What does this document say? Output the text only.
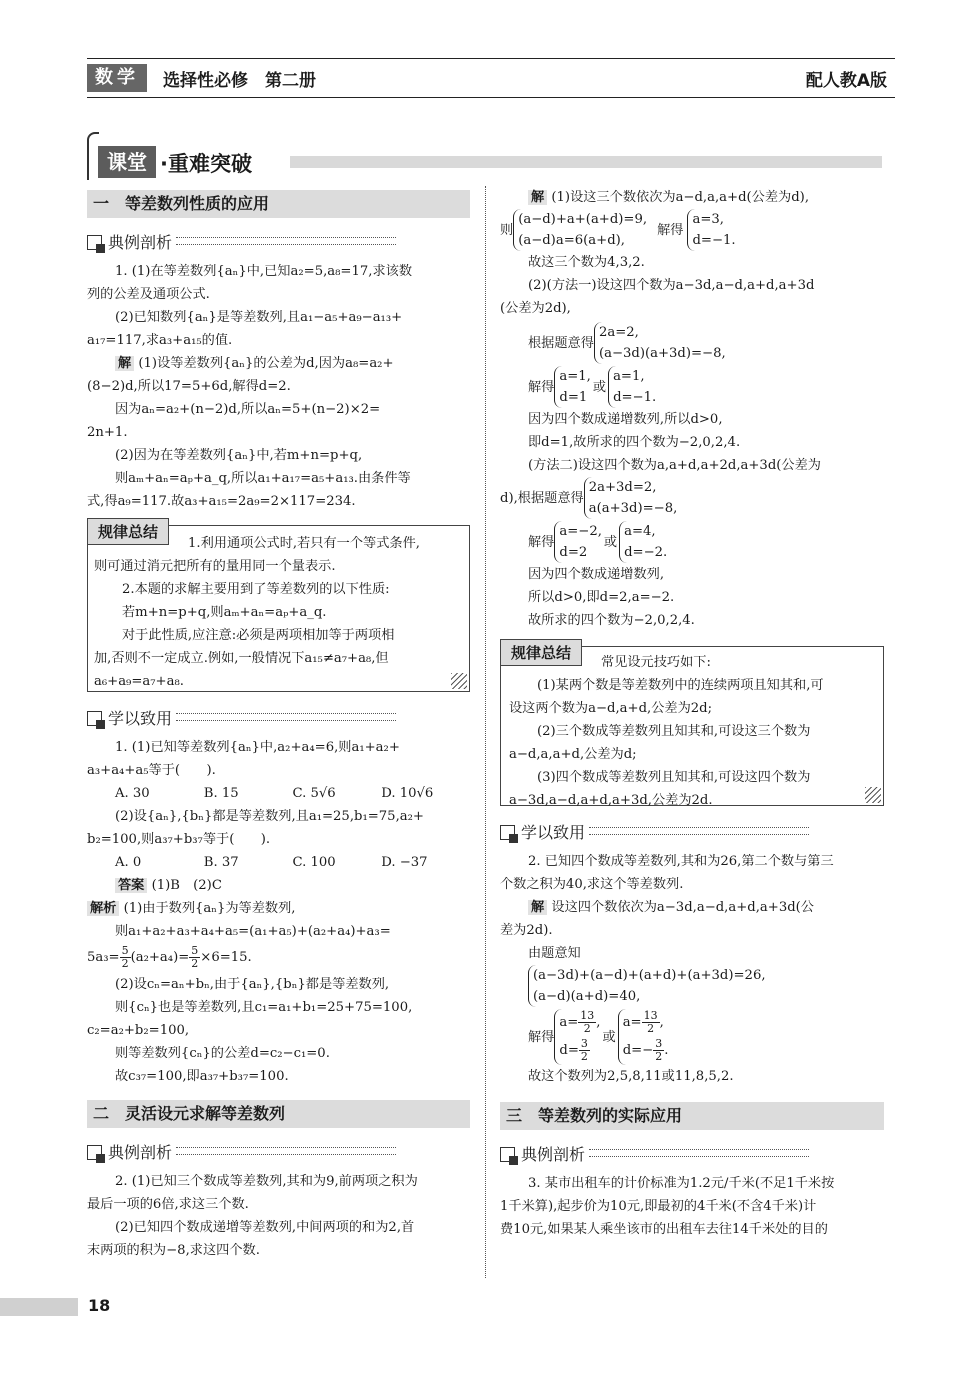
数学	选择性必修　第二册	配人教A版
课堂 ·重难突破
一　等差数列性质的应用
典例剖析
1. (1)在等差数列{aₙ}中,已知a₂=5,a₈=17,求该数
列的公差及通项公式.
(2)已知数列{aₙ}是等差数列,且a₁−a₅+a₉−a₁₃+
a₁₇=117,求a₃+a₁₅的值.
解 (1)设等差数列{aₙ}的公差为d,因为a₈=a₂+
(8−2)d,所以17=5+6d,解得d=2.
因为aₙ=a₂+(n−2)d,所以aₙ=5+(n−2)×2=
2n+1.
(2)因为在等差数列{aₙ}中,若m+n=p+q,
则aₘ+aₙ=aₚ+a_q,所以a₁+a₁₇=a₅+a₁₃.由条件等
式,得a₉=117.故a₃+a₁₅=2a₉=2×117=234.
规律总结
1.利用通项公式时,若只有一个等式条件,
则可通过消元把所有的量用同一个量表示.
2.本题的求解主要用到了等差数列的以下性质:
若m+n=p+q,则aₘ+aₙ=aₚ+a_q.
对于此性质,应注意:必须是两项相加等于两项相
加,否则不一定成立.例如,一般情况下a₁₅≠a₇+a₈,但
a₆+a₉=a₇+a₈.
学以致用
1. (1)已知等差数列{aₙ}中,a₂+a₄=6,则a₁+a₂+
a₃+a₄+a₅等于(　　).
A. 30	B. 15	C. 5√6	D. 10√6
(2)设{aₙ},{bₙ}都是等差数列,且a₁=25,b₁=75,a₂+
b₂=100,则a₃₇+b₃₇等于(　　).
A. 0	B. 37	C. 100	D. −37
答案 (1)B　(2)C
解析 (1)由于数列{aₙ}为等差数列,
则a₁+a₂+a₃+a₄+a₅=(a₁+a₅)+(a₂+a₄)+a₃=
$5a_3= \frac{5}{2} (a_2+a_4)= \frac{5}{2} \times 6=15$.
(2)设cₙ=aₙ+bₙ,由于{aₙ},{bₙ}都是等差数列,
则{cₙ}也是等差数列,且c₁=a₁+b₁=25+75=100,
c₂=a₂+b₂=100,
则等差数列{cₙ}的公差d=c₂−c₁=0.
故c₃₇=100,即a₃₇+b₃₇=100.
二　灵活设元求解等差数列
典例剖析
2. (1)已知三个数成等差数列,其和为9,前两项之积为
最后一项的6倍,求这三个数.
(2)已知四个数成递增等差数列,中间两项的和为2,首
末两项的积为−8,求这四个数.
解 (1)设这三个数依次为a−d,a,a+d(公差为d),
则
(a−d)+a+(a+d)=9,
(a−d)a=6(a+d),
解得
a=3,
d=−1.
故这三个数为4,3,2.
(2)(方法一)设这四个数为a−3d,a−d,a+d,a+3d
(公差为2d),
根据题意得
2a=2,
(a−3d)(a+3d)=−8,
解得
a=1,
d=1
或
a=1,
d=−1.
因为四个数成递增数列,所以d>0,
即d=1,故所求的四个数为−2,0,2,4.
(方法二)设这四个数为a,a+d,a+2d,a+3d(公差为
d),根据题意得
2a+3d=2,
a(a+3d)=−8,
解得
a=−2,
d=2
或
a=4,
d=−2.
因为四个数成递增数列,
所以d>0,即d=2,a=−2.
故所求的四个数为−2,0,2,4.
规律总结
常见设元技巧如下:
(1)某两个数是等差数列中的连续两项且知其和,可
设这两个数为a−d,a+d,公差为2d;
(2)三个数成等差数列且知其和,可设这三个数为
a−d,a,a+d,公差为d;
(3)四个数成等差数列且知其和,可设这四个数为
a−3d,a−d,a+d,a+3d,公差为2d.
学以致用
2. 已知四个数成等差数列,其和为26,第二个数与第三
个数之积为40,求这个等差数列.
解 设这四个数依次为a−3d,a−d,a+d,a+3d(公
差为2d).
由题意知
(a−3d)+(a−d)+(a+d)+(a+3d)=26,
(a−d)(a+d)=40,
解得
$a= \frac{13}{2}$ ,
$d= \frac{3}{2}$
或
$a= \frac{13}{2}$ ,
$d=- \frac{3}{2}$ .
故这个数列为2,5,8,11或11,8,5,2.
三　等差数列的实际应用
典例剖析
3. 某市出租车的计价标准为1.2元/千米(不足1千米按
1千米算),起步价为10元,即最初的4千米(不含4千米)计
费10元,如果某人乘坐该市的出租车去往14千米处的目的
18
